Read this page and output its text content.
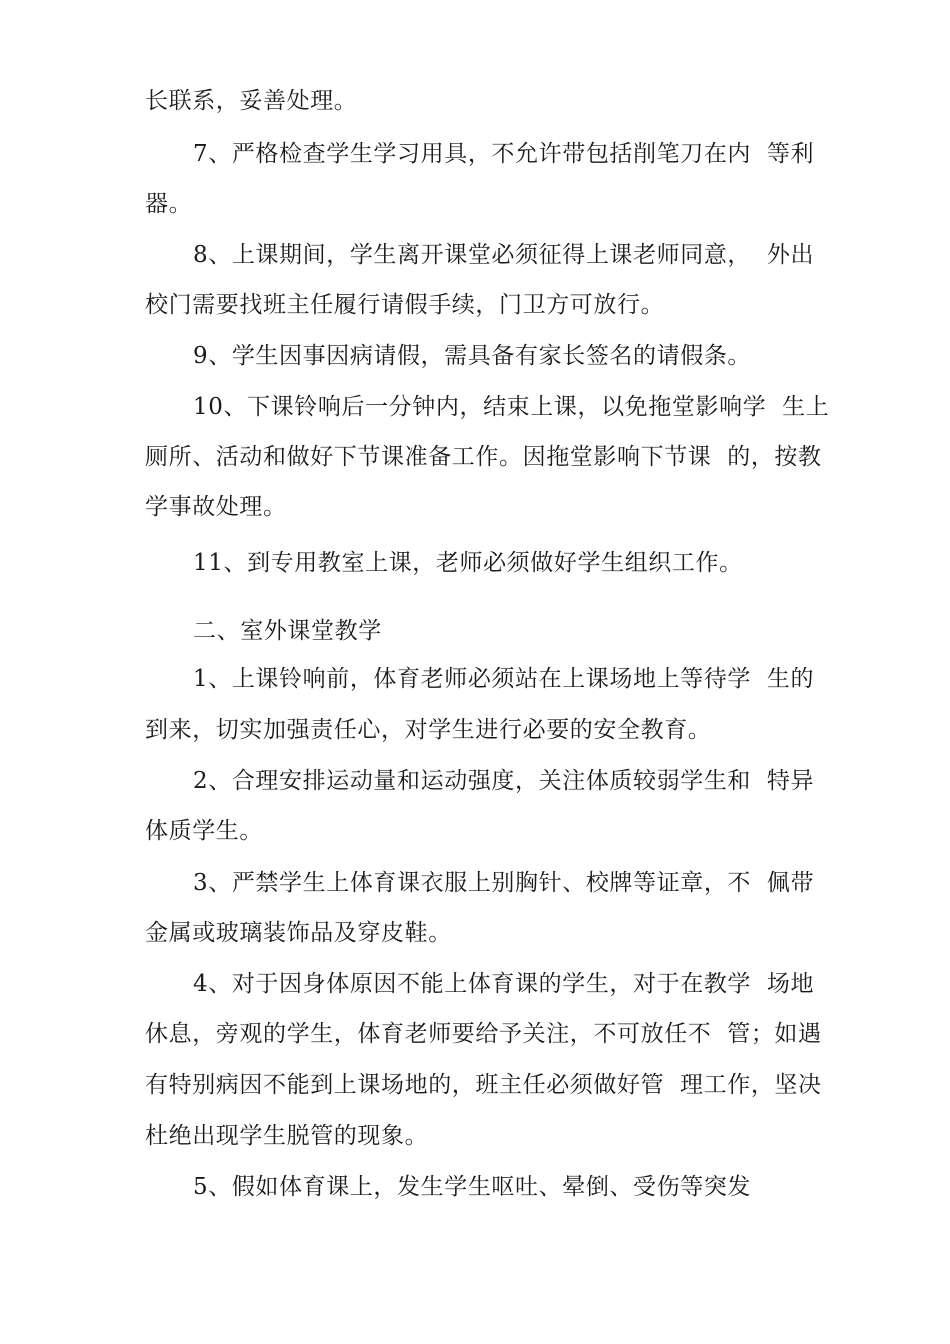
长联系，妥善处理。
7、严格检查学生学习用具，不允许带包括削笔刀在内  等利
器。
8、上课期间，学生离开课堂必须征得上课老师同意，  外出
校门需要找班主任履行请假手续，门卫方可放行。
9、学生因事因病请假，需具备有家长签名的请假条。
10、下课铃响后一分钟内，结束上课，以免拖堂影响学  生上
厕所、活动和做好下节课准备工作。因拖堂影响下节课  的，按教
学事故处理。
11、到专用教室上课，老师必须做好学生组织工作。
二、室外课堂教学
1、上课铃响前，体育老师必须站在上课场地上等待学  生的
到来，切实加强责任心，对学生进行必要的安全教育。
2、合理安排运动量和运动强度，关注体质较弱学生和  特异
体质学生。
3、严禁学生上体育课衣服上别胸针、校牌等证章，不  佩带
金属或玻璃装饰品及穿皮鞋。
4、对于因身体原因不能上体育课的学生，对于在教学  场地
休息，旁观的学生，体育老师要给予关注，不可放任不  管；如遇
有特别病因不能到上课场地的，班主任必须做好管  理工作，坚决
杜绝出现学生脱管的现象。
5、假如体育课上，发生学生呕吐、晕倒、受伤等突发
